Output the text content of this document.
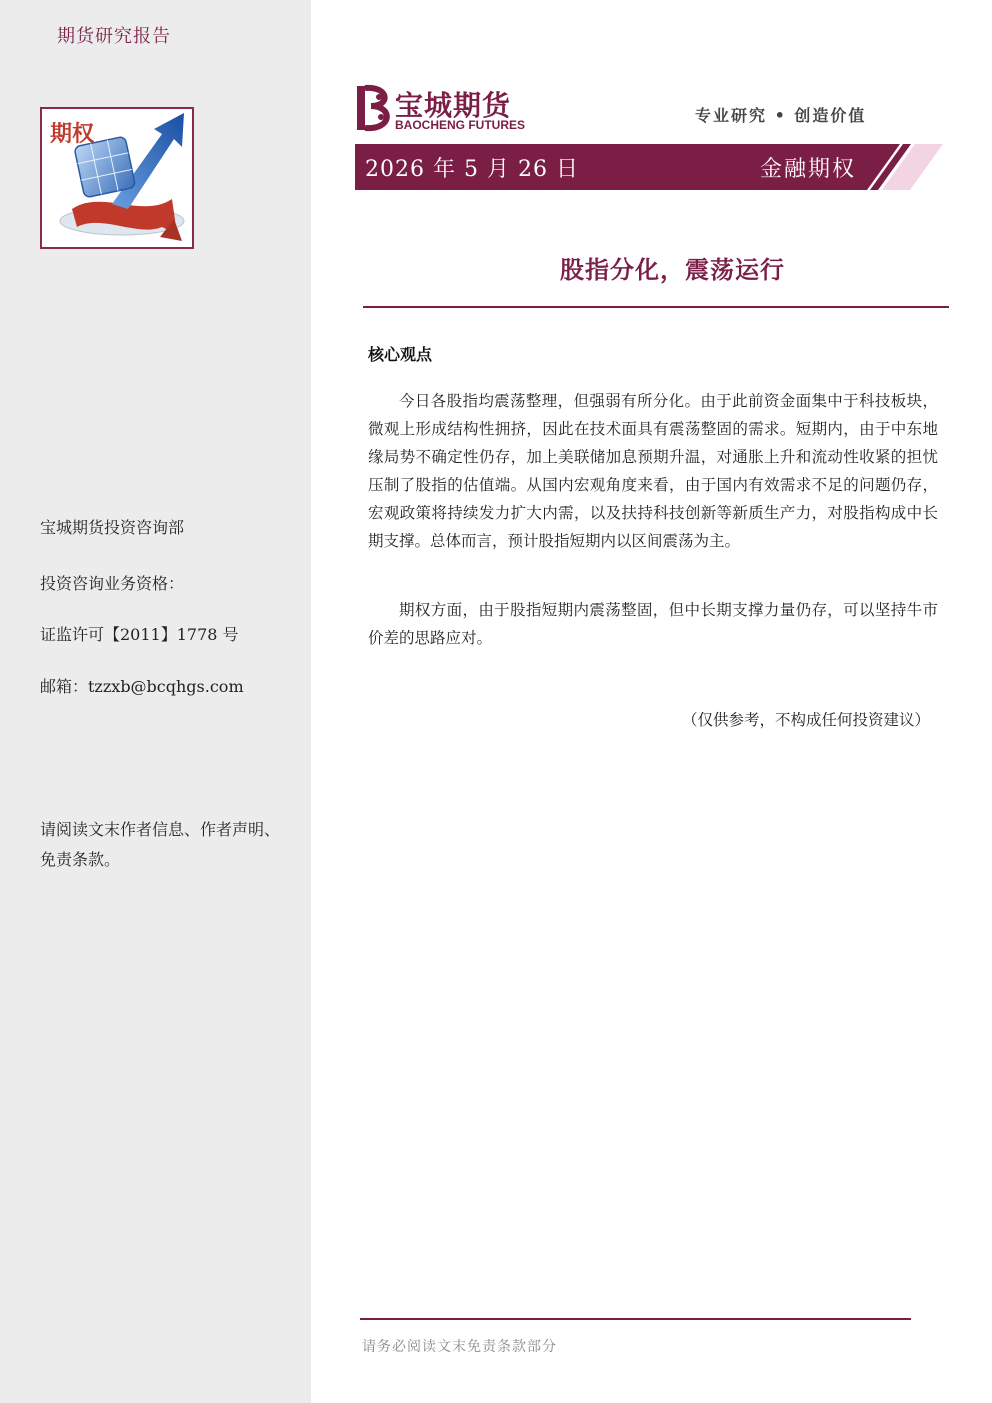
期货研究报告
期权
宝城期货投资咨询部
投资咨询业务资格：
证监许可【2011】1778 号
邮箱：tzzxb@bcqhgs.com
请阅读文末作者信息、作者声明、免责条款。
宝城期货
BAOCHENG FUTURES	专业研究 • 创造价值
2026 年 5 月 26 日	金融期权
股指分化，震荡运行
核心观点

今日各股指均震荡整理，但强弱有所分化。由于此前资金面集中于科技板块，微观上形成结构性拥挤，因此在技术面具有震荡整固的需求。短期内，由于中东地缘局势不确定性仍存，加上美联储加息预期升温，对通胀上升和流动性收紧的担忧压制了股指的估值端。从国内宏观角度来看，由于国内有效需求不足的问题仍存，宏观政策将持续发力扩大内需，以及扶持科技创新等新质生产力，对股指构成中长期支撑。总体而言，预计股指短期内以区间震荡为主。

期权方面，由于股指短期内震荡整固，但中长期支撑力量仍存，可以坚持牛市价差的思路应对。

（仅供参考，不构成任何投资建议）
请务必阅读文末免责条款部分
